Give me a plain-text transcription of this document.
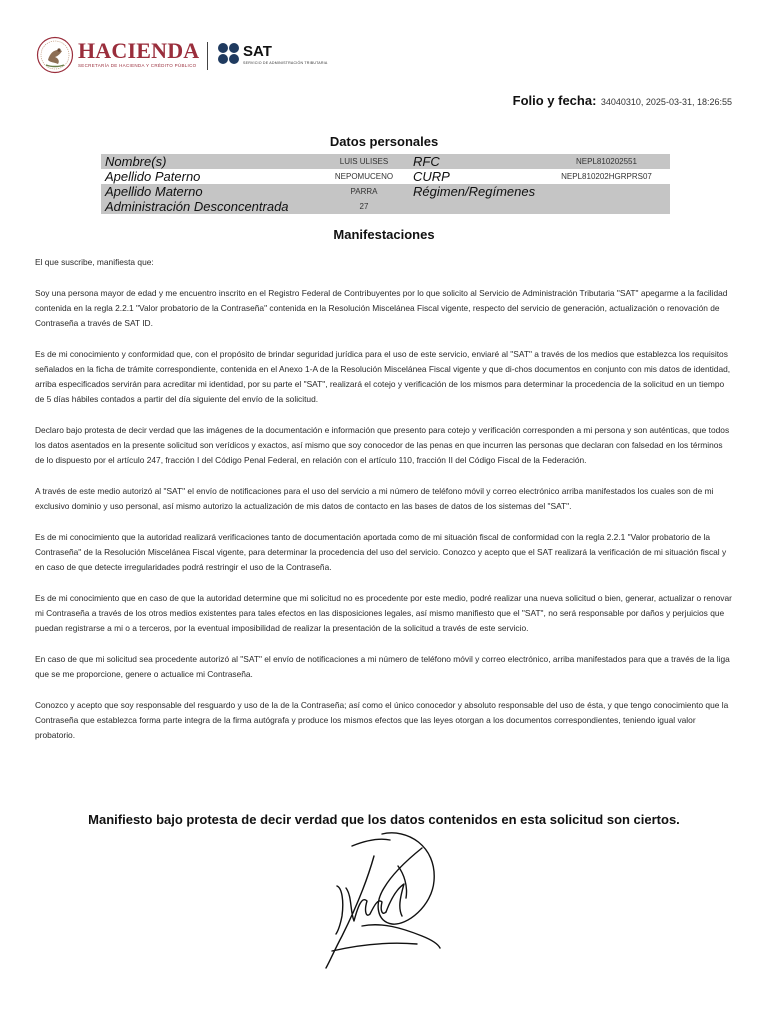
HACIENDA
SECRETARÍA DE HACIENDA Y CRÉDITO PÚBLICO
SAT
SERVICIO DE ADMINISTRACIÓN TRIBUTARIA
Folio y fecha: 34040310, 2025-03-31, 18:26:55
Datos personales
Nombre(s)	LUIS ULISES	RFC	NEPL810202551
Apellido Paterno	NEPOMUCENO	CURP	NEPL810202HGRPRS07
Apellido Materno	PARRA	Régimen/Regímenes	
Administración Desconcentrada	27		
Manifestaciones

El que suscribe, manifiesta que:

Soy una persona mayor de edad y me encuentro inscrito en el Registro Federal de Contribuyentes por lo que solicito al Servicio de Administración Tributaria "SAT" apegarme a la facilidad contenida en la regla 2.2.1 "Valor probatorio de la Contraseña" contenida en la Resolución Miscelánea Fiscal vigente, respecto del servicio de generación, actualización o renovación de Contraseña a través de SAT ID.

Es de mi conocimiento y conformidad que, con el propósito de brindar seguridad jurídica para el uso de este servicio, enviaré al "SAT" a través de los medios que establezca los requisitos señalados en la ficha de trámite correspondiente, contenida en el Anexo 1-A de la Resolución Miscelánea Fiscal vigente y que di-chos documentos en conjunto con mis datos de identidad, arriba especificados servirán para acreditar mi identidad, por su parte el "SAT", realizará el cotejo y verificación de los mismos para determinar la procedencia de la solicitud en un tiempo de 5 días hábiles contados a partir del día siguiente del envío de la solicitud.

Declaro bajo protesta de decir verdad que las imágenes de la documentación e información que presento para cotejo y verificación corresponden a mi persona y son auténticas, que todos los datos asentados en la presente solicitud son verídicos y exactos, así mismo que soy conocedor de las penas en que incurren las personas que declaran con falsedad en los términos de lo dispuesto por el artículo 247, fracción I del Código Penal Federal, en relación con el artículo 110, fracción II del Código Fiscal de la Federación.

A través de este medio autorizó al "SAT" el envío de notificaciones para el uso del servicio a mi número de teléfono móvil y correo electrónico arriba manifestados los cuales son de mi exclusivo dominio y uso personal, así mismo autorizo la actualización de mis datos de contacto en las bases de datos de los sistemas del "SAT".

Es de mi conocimiento que la autoridad realizará verificaciones tanto de documentación aportada como de mi situación fiscal de conformidad con la regla 2.2.1 "Valor probatorio de la Contraseña" de la Resolución Miscelánea Fiscal vigente, para determinar la procedencia del uso del servicio. Conozco y acepto que el SAT realizará la verificación de mi situación fiscal y en caso de que detecte irregularidades podrá restringir el uso de la Contraseña.

Es de mi conocimiento que en caso de que la autoridad determine que mi solicitud no es procedente por este medio, podré realizar una nueva solicitud o bien, generar, actualizar o renovar mi Contraseña a través de los otros medios existentes para tales efectos en las disposiciones legales, así mismo manifiesto que el "SAT", no será responsable por daños y perjuicios que puedan registrarse a mi o a terceros, por la eventual imposibilidad de realizar la presentación de la solicitud a través de este servicio.

En caso de que mi solicitud sea procedente autorizó al "SAT" el envío de notificaciones a mi número de teléfono móvil y correo electrónico, arriba manifestados para que a través de la liga que se me proporcione, genere o actualice mi Contraseña.

Conozco y acepto que soy responsable del resguardo y uso de la de la Contraseña; así como el único conocedor y absoluto responsable del uso de ésta, y que tengo conocimiento que la Contraseña que establezca forma parte integra de la firma autógrafa y produce los mismos efectos que las leyes otorgan a los documentos correspondientes, teniendo igual valor probatorio.

Manifiesto bajo protesta de decir verdad que los datos contenidos en esta solicitud son ciertos.
